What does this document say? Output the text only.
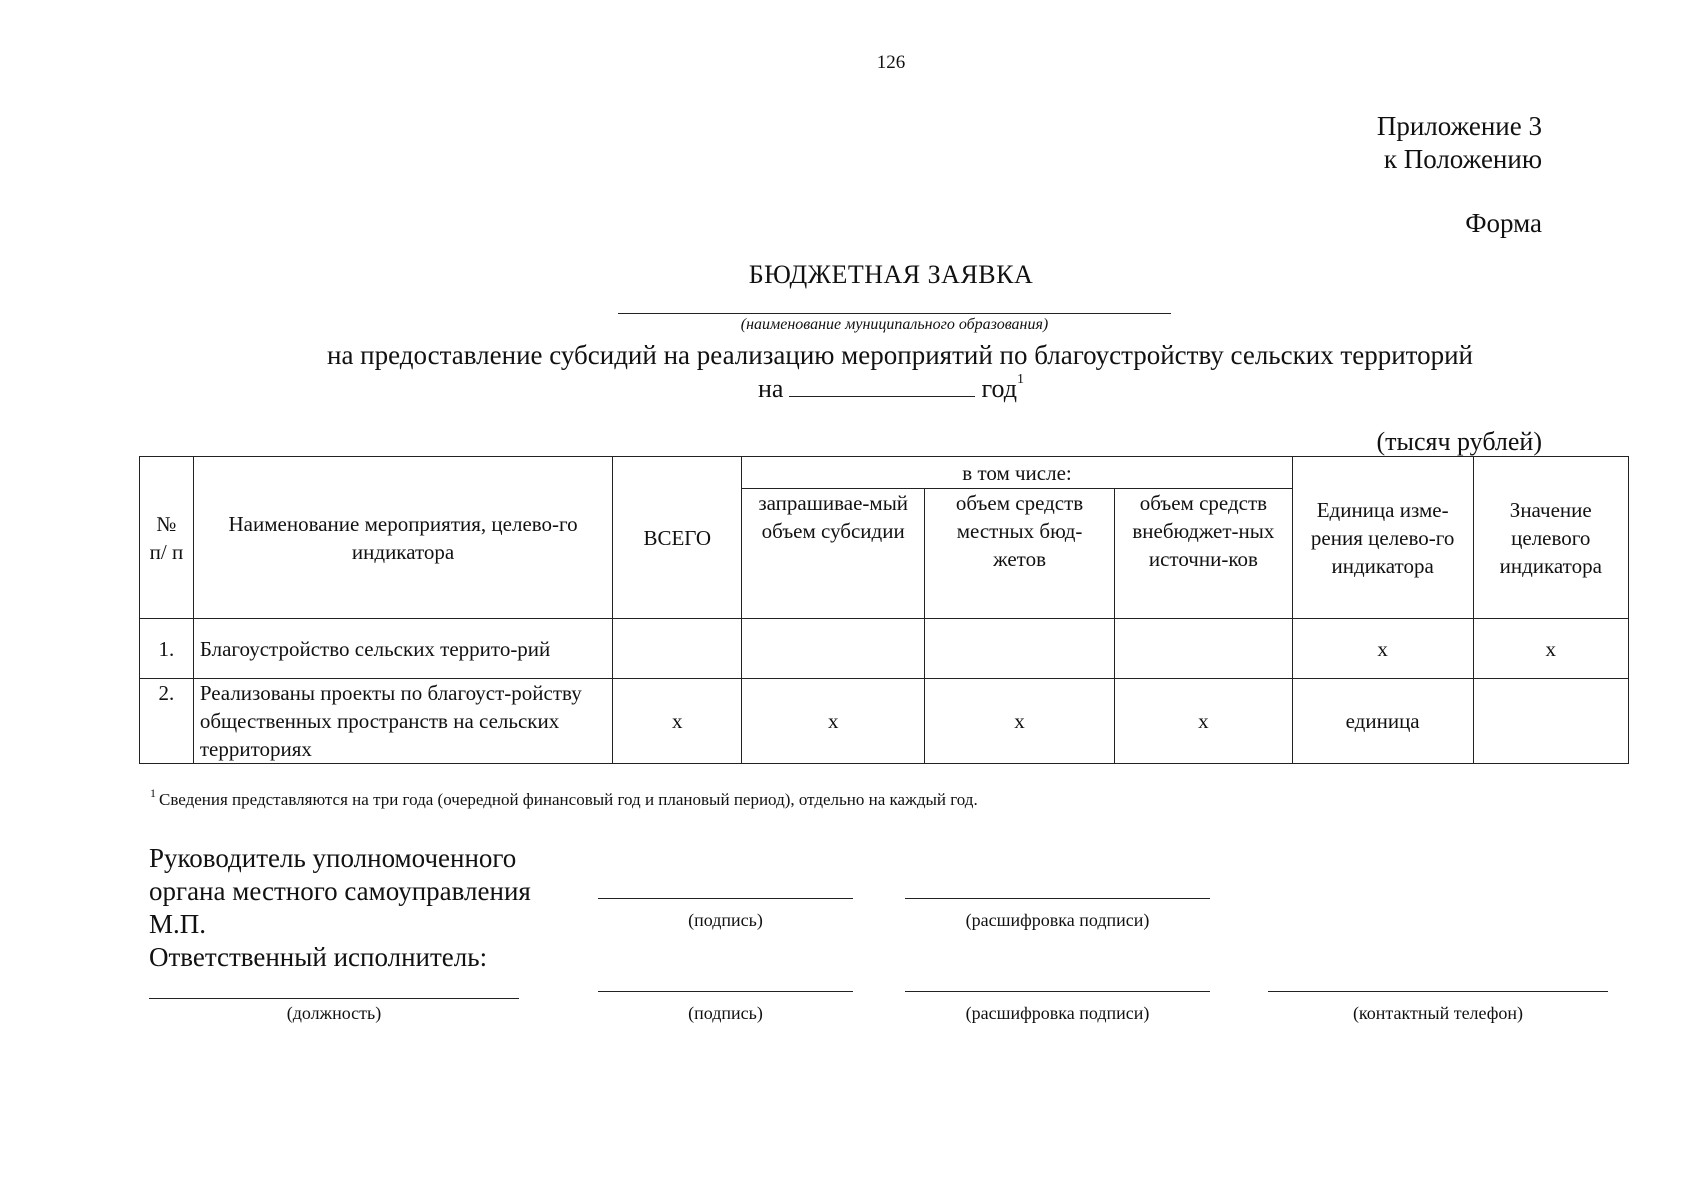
126
Приложение 3
к Положению
Форма
БЮДЖЕТНАЯ ЗАЯВКА
(наименование муниципального образования)
на предоставление субсидий на реализацию мероприятий по благоустройству сельских территорий
на	год$^1$
(тысяч рублей)
№ п/ п	Наименование мероприятия, целево-го индикатора	ВСЕГО	в том числе:			Единица изме-рения целево-го индикатора	Значение целевого индикатора
			запрашивае-мый объем субсидии	объем средств местных бюд-жетов	объем средств внебюджет-ных источни-ков		
1.	Благоустройство сельских террито-рий					х	х
2.	Реализованы проекты по благоуст-ройству общественных пространств на сельских территориях	х	х	х	х	единица	
$^1$ Сведения представляются на три года (очередной финансовый год и плановый период), отдельно на каждый год.
Руководитель уполномоченного
органа местного самоуправления
М.П.
Ответственный исполнитель:
(подпись)	(расшифровка подписи)
(должность)	(подпись)	(расшифровка подписи)	(контактный телефон)
